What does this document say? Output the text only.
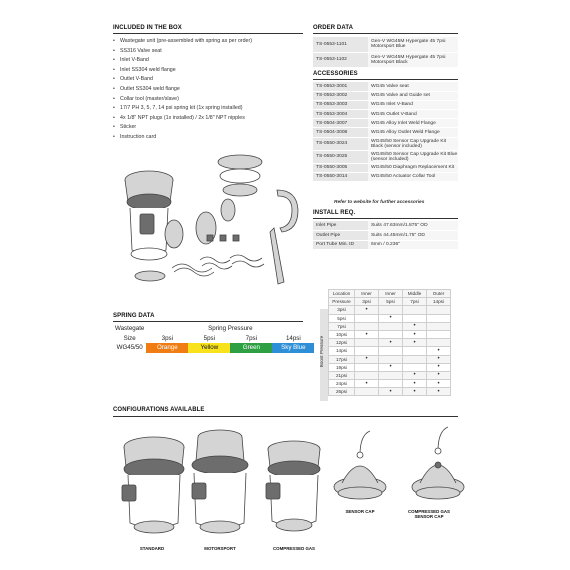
INCLUDED IN THE BOX
• Wastegate unit (pre-assembled with spring as per order)
• SS316 Valve seat
• Inlet V-Band
• Inlet SS304 weld flange
• Outlet V-Band
• Outlet SS304 weld flange
• Collar tool (master/slave)
• 17/7 PH 3, 5, 7, 14 psi spring kit (1x spring installed)
• 4x 1/8" NPT plugs (1x installed) / 2x 1/8" NPT nipples
• Sticker
• Instruction card
ORDER DATA
TS-0553-1101	Gen-V WG45M Hypergate 45 7psi Motorsport Blue
TS-0553-1102	Gen-V WG45M Hypergate 45 7psi Motorsport Black
ACCESSORIES
TS-0553-3001	WG45 Valve seat
TS-0553-3002	WG45 Valve and Guide set
TS-0553-3003	WG45 Inlet V-Band
TS-0553-3004	WG45 Outlet V-Band
TS-0504-3007	WG45 Alloy Inlet Weld Flange
TS-0504-3008	WG45 Alloy Outlet Weld Flange
TS-0550-3024	WG45/50 Sensor Cap Upgrade Kit Black (sensor included)
TS-0550-3025	WG45/50 Sensor Cap Upgrade Kit Blue (sensor included)
TS-0550-3005	WG45/50 Diaphragm Replacement Kit
TS-0550-3014	WG45/50 Actuator Collar Tool
Refer to website for further accessories
INSTALL REQ.
Inlet Pipe	Suits 47.63mm/1.875" OD
Outlet Pipe	Suits 44.45mm/1.75" OD
Port Tube Min. ID	6mm / 0.236"
SPRING DATA
Wastegate	Spring Pressure			
Size	3psi	5psi	7psi	14psi
WG45/50	Orange	Yellow	Green	Sky Blue	Boost Pressure
Location	Inner	Inner	Middle	Outer
Pressure	3psi	5psi	7psi	14psi
3psi	•			
5psi		•		
7psi			•	
10psi	•		•	
12psi		•	•	
14psi				•
17psi	•			•
19psi		•		•
21psi			•	•
24psi	•		•	•
26psi		•	•	•
CONFIGURATIONS AVAILABLE
STANDARD	MOTORSPORT	COMPRESSED GAS
SENSOR CAP	COMPRESSED GAS SENSOR CAP
